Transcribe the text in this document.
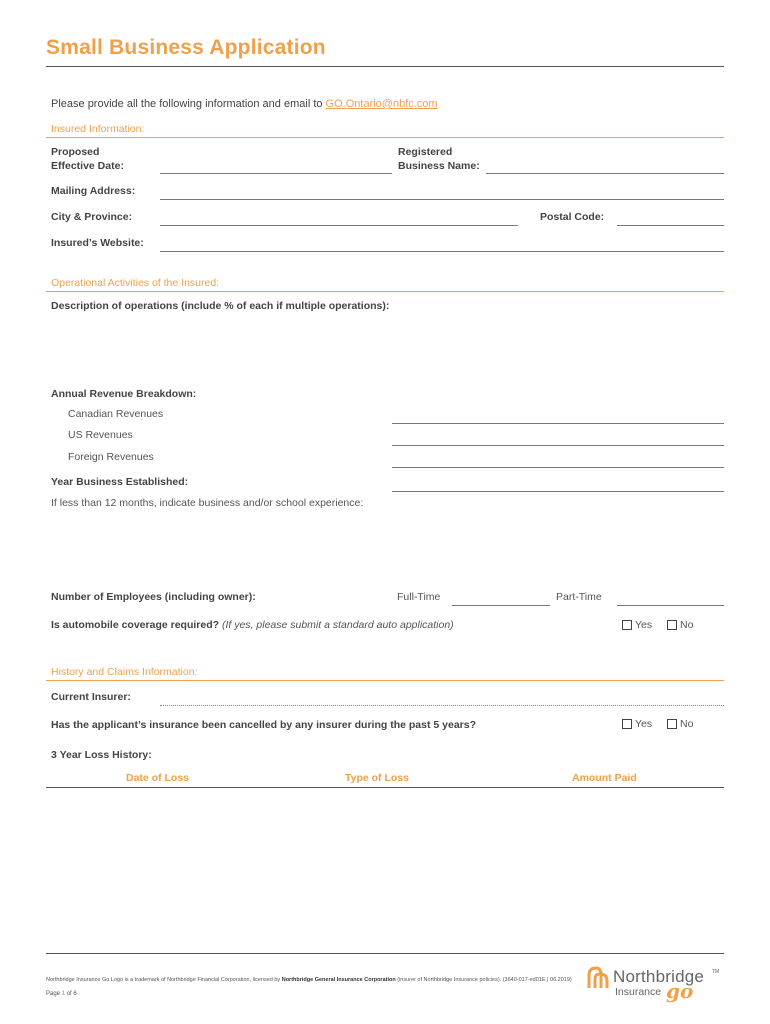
Small Business Application
Please provide all the following information and email to GO.Ontario@nbfc.com
Insured Information:
Proposed
Effective Date:
Registered
Business Name:
Mailing Address:
City & Province:	Postal Code:
Insured’s Website:
Operational Activities of the Insured:
Description of operations (include % of each if multiple operations):
Annual Revenue Breakdown:
Canadian Revenues
US Revenues
Foreign Revenues
Year Business Established:
If less than 12 months, indicate business and/or school experience:
Number of Employees (including owner):	Full-Time	Part-Time
Is automobile coverage required? (If yes, please submit a standard auto application)	Yes	No
History and Claims Information:
Current Insurer:
Has the applicant’s insurance been cancelled by any insurer during the past 5 years?	Yes	No
3 Year Loss History:
Date of Loss	Type of Loss	Amount Paid
Northbridge Insurance Go Logo is a trademark of Northbridge Financial Corporation, licensed by Northbridge General Insurance Corporation (insurer of Northbridge Insurance policies). (3640-017-ed01E | 06.2019)
Page 1 of 6
Northbridge TM
Insurance go
